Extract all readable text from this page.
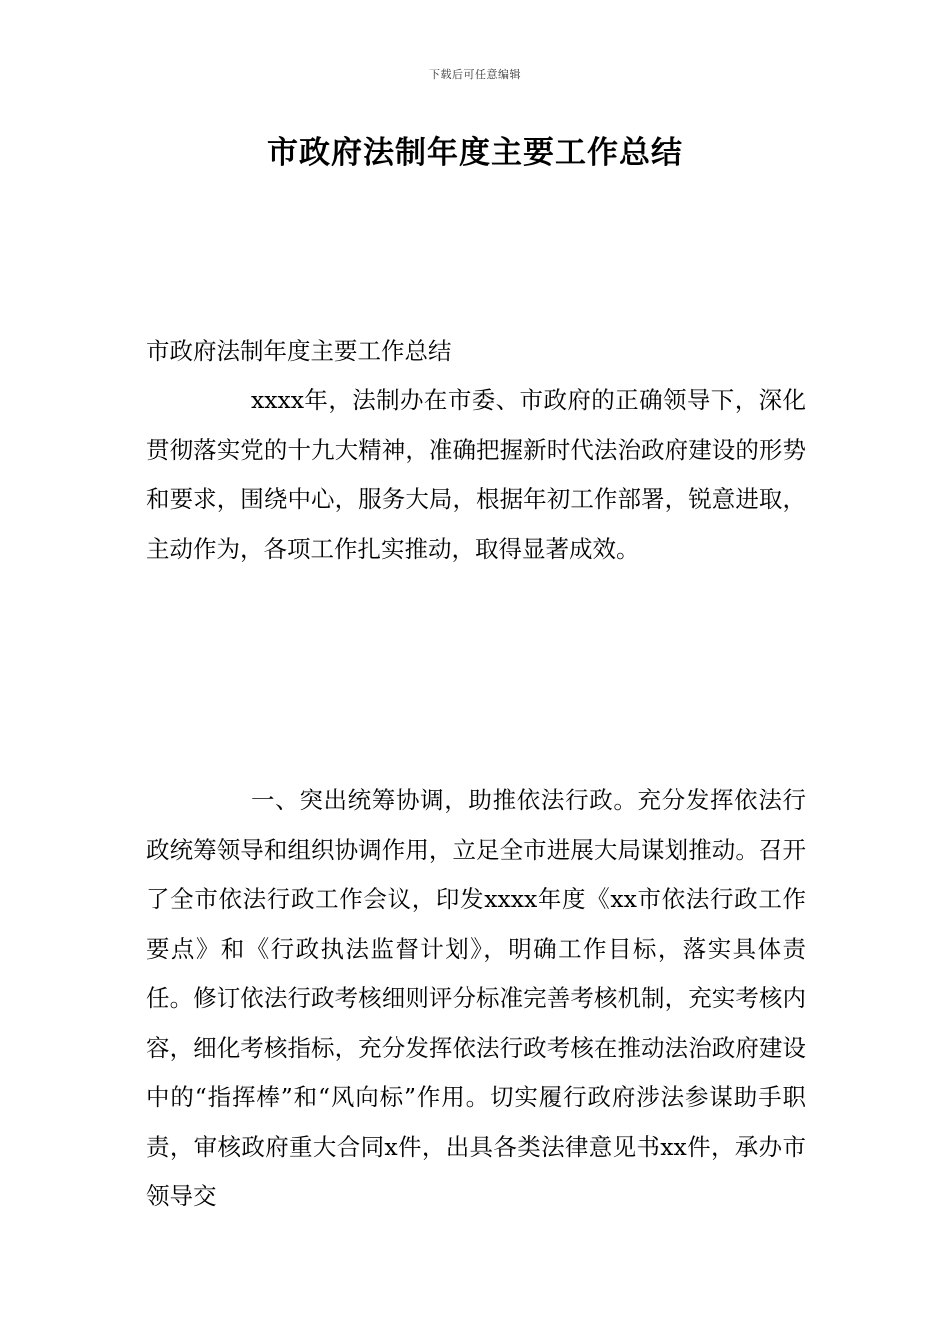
下载后可任意编辑
市政府法制年度主要工作总结

市政府法制年度主要工作总结

xxxx年，法制办在市委、市政府的正确领导下，深化贯彻落实党的十九大精神，准确把握新时代法治政府建设的形势和要求，围绕中心，服务大局，根据年初工作部署，锐意进取，主动作为，各项工作扎实推动，取得显著成效。

一、突出统筹协调，助推依法行政。充分发挥依法行政统筹领导和组织协调作用，立足全市进展大局谋划推动。召开了全市依法行政工作会议，印发xxxx年度《xx市依法行政工作要点》和《行政执法监督计划》，明确工作目标，落实具体责任。修订依法行政考核细则评分标准完善考核机制，充实考核内容，细化考核指标，充分发挥依法行政考核在推动法治政府建设中的“指挥棒”和“风向标”作用。切实履行政府涉法参谋助手职责，审核政府重大合同x件，出具各类法律意见书xx件，承办市领导交
